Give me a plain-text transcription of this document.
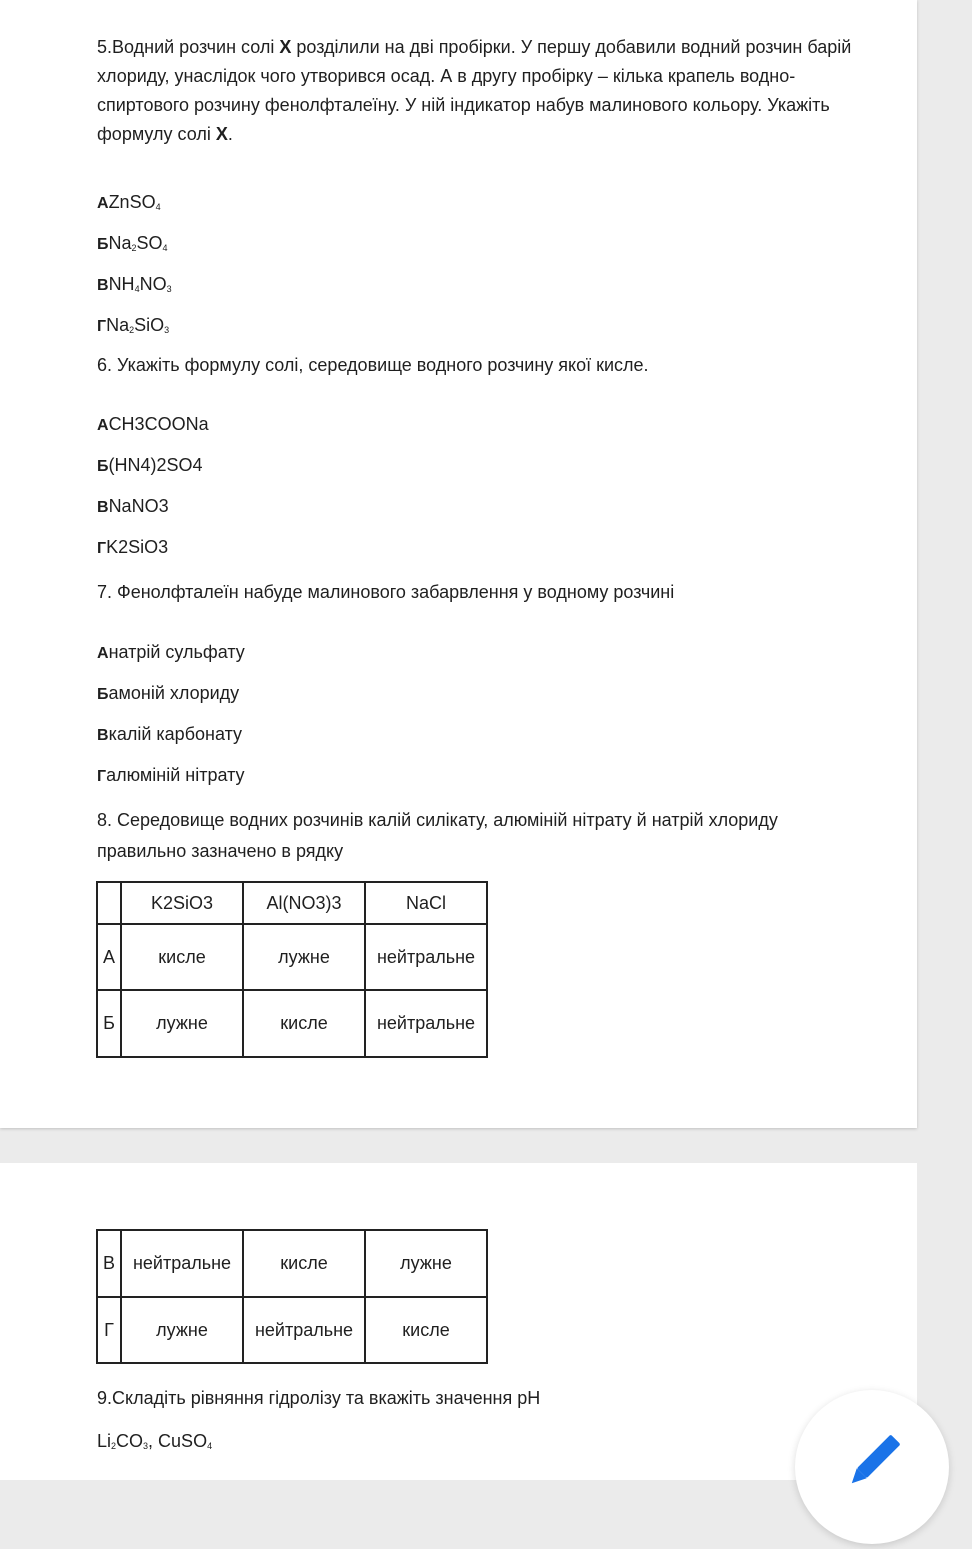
5.Водний розчин солі X розділили на дві пробірки. У першу добавили водний розчин барій хлориду, унаслідок чого утворився осад. А в другу пробірку – кілька крапель водно-спиртового розчину фенолфталеїну. У ній індикатор набув малинового кольору. Укажіть формулу солі X.
АZnSO$_4$
$БNa_2SO_4$
$ВNH_4NO_3$
ГNa$_2$SiO$_3$
6. Укажіть формулу солі, середовище водного розчину якої кисле.
АCH3COONa
Б(HN4)2SO4
ВNaNO3
ГK2SiO3
7. Фенолфталеїн набуде малинового забарвлення у водному розчині
Анатрій сульфату
Бамоній хлориду
Вкалій карбонату
Галюміній нітрату
8. Середовище водних розчинів калій силікату, алюміній нітрату й натрій хлориду
правильно зазначено в рядку
	K2SiO3	Al(NO3)3	NaCl
А	кисле	лужне	нейтральне
Б	лужне	кисле	нейтральне
В	нейтральне	кисле	лужне
Г	лужне	нейтральне	кисле
9.Складіть рівняння гідролізу та вкажіть значення pH
$Li_2CO_3$, CuSO$_4$
